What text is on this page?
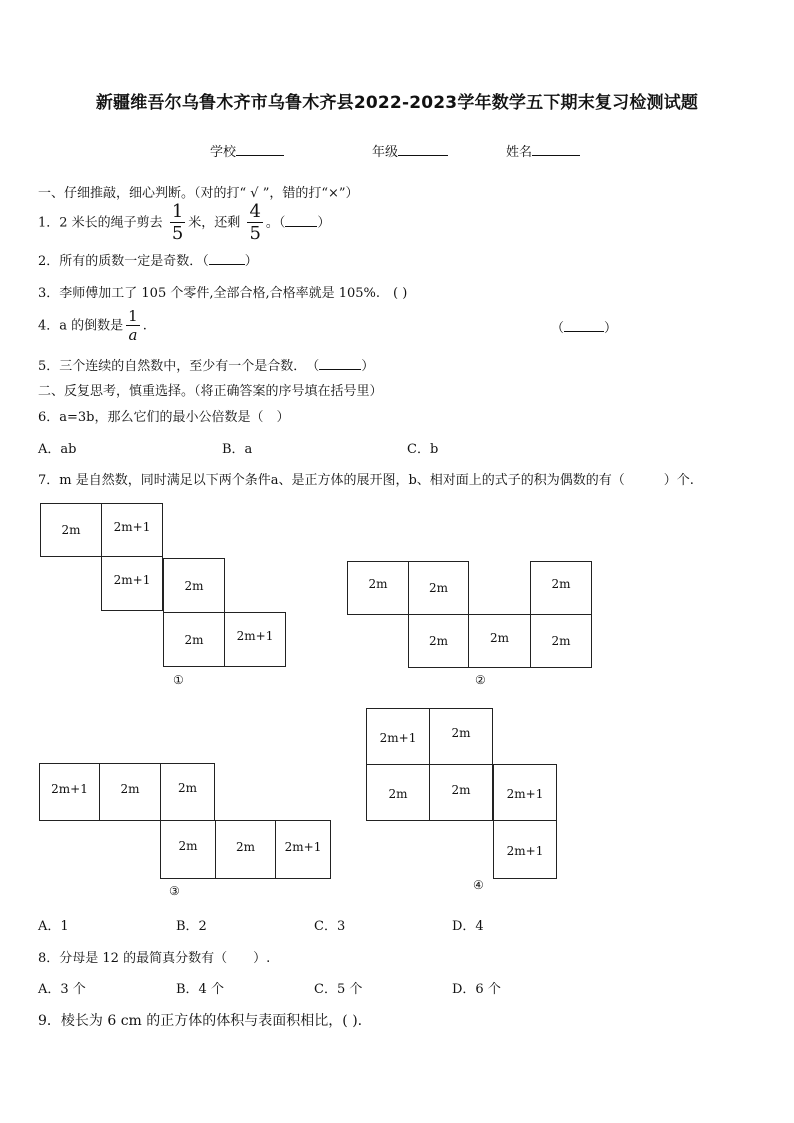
新疆维吾尔乌鲁木齐市乌鲁木齐县2022-2023学年数学五下期末复习检测试题
学校	年级	姓名
一、仔细推敲，细心判断。（对的打“ √ ”，错的打“×”）
1．2 米长的绳子剪去 $\frac{1}{5}$ 米，还剩 $\frac{4}{5}$ 。（ ）
2．所有的质数一定是奇数．（	）
3．李师傅加工了 105 个零件,全部合格,合格率就是 105%.　( )
4．a 的倒数是 $\frac{1}{a}$ .	（	）
5．三个连续的自然数中，至少有一个是合数．　（	）
二、反复思考，慎重选择。（将正确答案的序号填在括号里）
6．a=3b，那么它们的最小公倍数是（　）
A．ab	B．a	C．b
7．m 是自然数，同时满足以下两个条件a、是正方体的展开图，b、相对面上的式子的积为偶数的有（　　　）个.
2m	2m+1
2m+1	2m
2m	2m+1
①
2m	2m	2m
2m	2m	2m
②
2m+1	2m	2m
2m	2m 2m+1
③
2m+1	2m
2m	2m	2m+1
2m+1
④
A．1	B．2	C．3	D．4
8．分母是 12 的最简真分数有（　　）.
A．3 个	B．4 个	C．5 个	D．6 个
9．棱长为 6 cm 的正方体的体积与表面积相比，( ).
